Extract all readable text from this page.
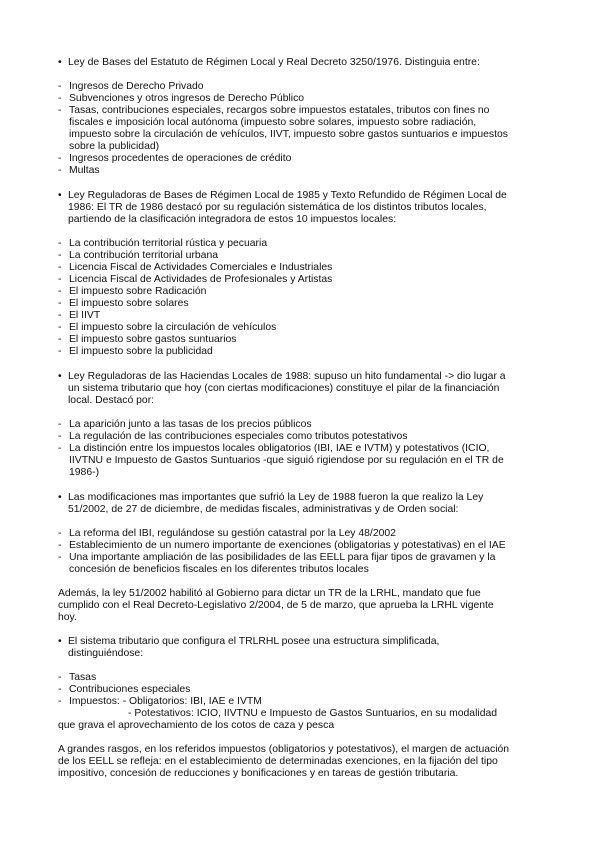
• Ley de Bases del Estatuto de Régimen Local y Real Decreto 3250/1976. Distinguia entre:
- Ingresos de Derecho Privado
- Subvenciones y otros ingresos de Derecho Público
- Tasas, contribuciones especiales, recargos sobre impuestos estatales, tributos con fines no
fiscales e imposición local autónoma (impuesto sobre solares, impuesto sobre radiación,
impuesto sobre la circulación de vehículos, IIVT, impuesto sobre gastos suntuarios e impuestos
sobre la publicidad)
- Ingresos procedentes de operaciones de crédito
- Multas
• Ley Reguladoras de Bases de Régimen Local de 1985 y Texto Refundido de Régimen Local de
1986: El TR de 1986 destacó por su regulación sistemática de los distintos tributos locales,
partiendo de la clasificación integradora de estos 10 impuestos locales:
- La contribución territorial rústica y pecuaria
- La contribución territorial urbana
- Licencia Fiscal de Actividades Comerciales e Industriales
- Licencia Fiscal de Actividades de Profesionales y Artistas
- El impuesto sobre Radicación
- El impuesto sobre solares
- El IIVT
- El impuesto sobre la circulación de vehículos
- El impuesto sobre gastos suntuarios
- El impuesto sobre la publicidad
• Ley Reguladoras de las Haciendas Locales de 1988: supuso un hito fundamental -> dio lugar a
un sistema tributario que hoy (con ciertas modificaciones) constituye el pilar de la financiación
local. Destacó por:
- La aparición junto a las tasas de los precios públicos
- La regulación de las contribuciones especiales como tributos potestativos
- La distinción entre los impuestos locales obligatorios (IBI, IAE e IVTM) y potestativos (ICIO,
IIVTNU e Impuesto de Gastos Suntuarios -que siguió rigiendose por su regulación en el TR de
1986-)
• Las modificaciones mas importantes que sufrió la Ley de 1988 fueron la que realizo la Ley
51/2002, de 27 de diciembre, de medidas fiscales, administrativas y de Orden social:
- La reforma del IBI, regulándose su gestión catastral por la Ley 48/2002
- Establecimiento de un numero importante de exenciones (obligatorias y potestativas) en el IAE
- Una importante ampliación de las posibilidades de las EELL para fijar tipos de gravamen y la
concesión de beneficios fiscales en los diferentes tributos locales
Además, la ley 51/2002 habilitó al Gobierno para dictar un TR de la LRHL, mandato que fue
cumplido con el Real Decreto-Legislativo 2/2004, de 5 de marzo, que aprueba la LRHL vigente
hoy.
• El sistema tributario que configura el TRLRHL posee una estructura simplificada,
distinguiéndose:
- Tasas
- Contribuciones especiales
- Impuestos: - Obligatorios: IBI, IAE e IVTM
- Potestativos: ICIO, IIVTNU e Impuesto de Gastos Suntuarios, en su modalidad
que grava el aprovechamiento de los cotos de caza y pesca
A grandes rasgos, en los referidos impuestos (obligatorios y potestativos), el margen de actuación
de los EELL se refleja: en el establecimiento de determinadas exenciones, en la fijación del tipo
impositivo, concesión de reducciones y bonificaciones y en tareas de gestión tributaria.
